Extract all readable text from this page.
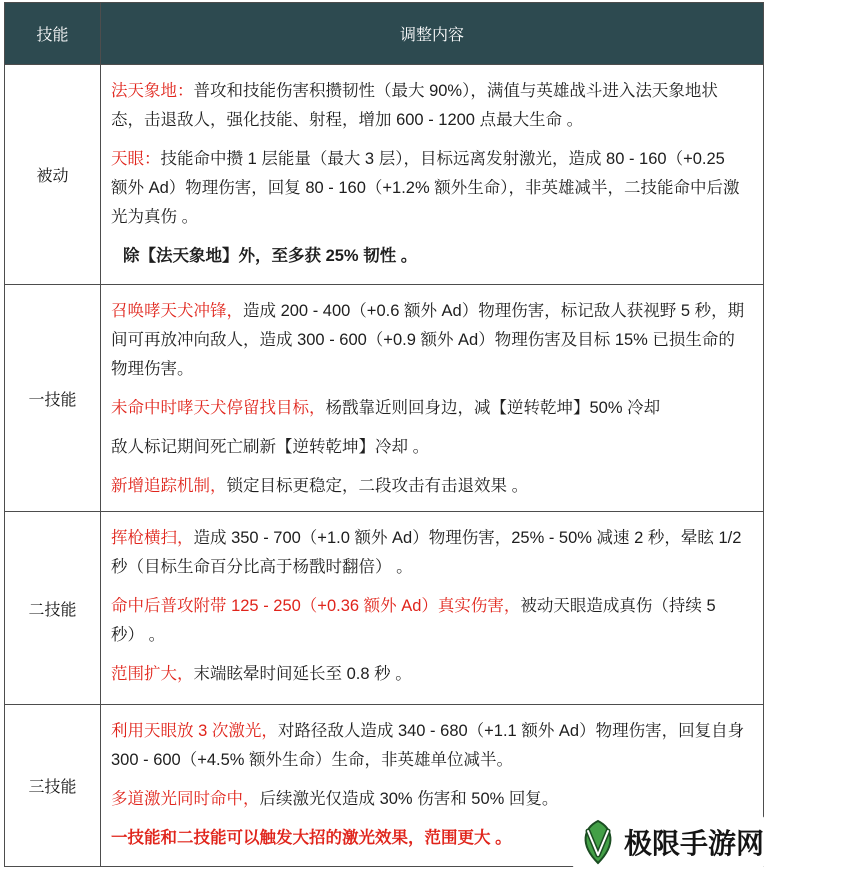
技能	调整内容 奇珀网

被动	法天象地：普攻和技能伤害积攒韧性（最大 90%），满值与英雄战斗进入法天象地状态，击退敌人，强化技能、射程，增加 600 - 1200 点最大生命 。

天眼：技能命中攒 1 层能量（最大 3 层），目标远离发射激光，造成 80 - 160（+0.25 额外 Ad）物理伤害，回复 80 - 160（+1.2% 额外生命），非英雄减半，二技能命中后激光为真伤 。

除【法天象地】外，至多获 25% 韧性 。

一技能	召唤哮天犬冲锋，造成 200 - 400（+0.6 额外 Ad）物理伤害，标记敌人获视野 5 秒，期间可再放冲向敌人，造成 300 - 600（+0.9 额外 Ad）物理伤害及目标 15% 已损生命的物理伤害。

未命中时哮天犬停留找目标，杨戬靠近则回身边，减【逆转乾坤】50% 冷却

敌人标记期间死亡刷新【逆转乾坤】冷却 。

新增追踪机制，锁定目标更稳定，二段攻击有击退效果 。

二技能	挥枪横扫，造成 350 - 700（+1.0 额外 Ad）物理伤害，25% - 50% 减速 2 秒，晕眩 1/2 秒（目标生命百分比高于杨戬时翻倍） 。

命中后普攻附带 125 - 250（+0.36 额外 Ad）真实伤害，被动天眼造成真伤（持续 5 秒） 。

范围扩大，末端眩晕时间延长至 0.8 秒 。

三技能	利用天眼放 3 次激光，对路径敌人造成 340 - 680（+1.1 额外 Ad）物理伤害，回复自身 300 - 600（+4.5% 额外生命）生命，非英雄单位减半。

多道激光同时命中，后续激光仅造成 30% 伤害和 50% 回复。

一技能和二技能可以触发大招的激光效果，范围更大 。	极限手游网
